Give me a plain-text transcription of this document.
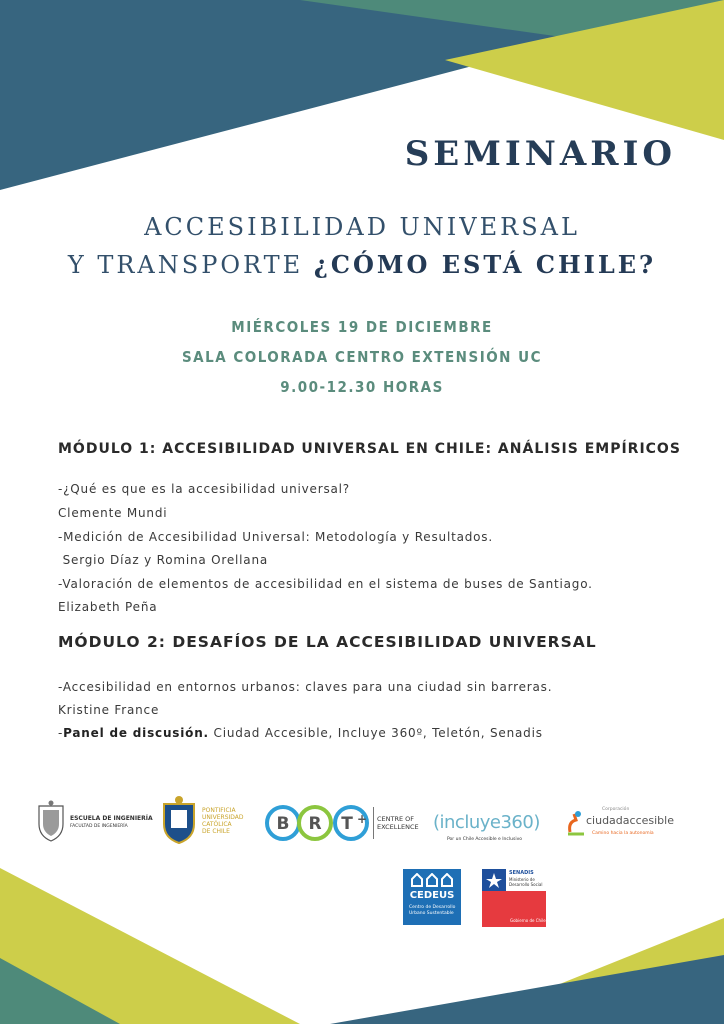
SEMINARIO
ACCESIBILIDAD UNIVERSAL
Y TRANSPORTE ¿CÓMO ESTÁ CHILE?
MIÉRCOLES 19 DE DICIEMBRE
SALA COLORADA CENTRO EXTENSIÓN UC
9.00-12.30 HORAS
MÓDULO 1: ACCESIBILIDAD UNIVERSAL EN CHILE: ANÁLISIS EMPÍRICOS
-¿Qué es que es la accesibilidad universal?
Clemente Mundi
-Medición de Accesibilidad Universal: Metodología y Resultados.
Sergio Díaz y Romina Orellana
-Valoración de elementos de accesibilidad en el sistema de buses de Santiago.
Elizabeth Peña
MÓDULO 2: DESAFÍOS DE LA ACCESIBILIDAD UNIVERSAL
-Accesibilidad en entornos urbanos: claves para una ciudad sin barreras.
Kristine France
-Panel de discusión. Ciudad Accesible, Incluye 360º, Teletón, Senadis
ESCUELA DE INGENIERÍA
FACULTAD DE INGENIERÍA
PONTIFICIA
UNIVERSIDAD
CATÓLICA
DE CHILE	B R T + CENTRE OF
EXCELLENCE (incluye360)
Por un Chile Accesible e Inclusivo
Corporación
ciudadaccesible
Camino hacia la autonomía
CEDEUS
Centro de Desarrollo
Urbano Sustentable
SENADIS
Ministerio de
Desarrollo Social
Gobierno de Chile
